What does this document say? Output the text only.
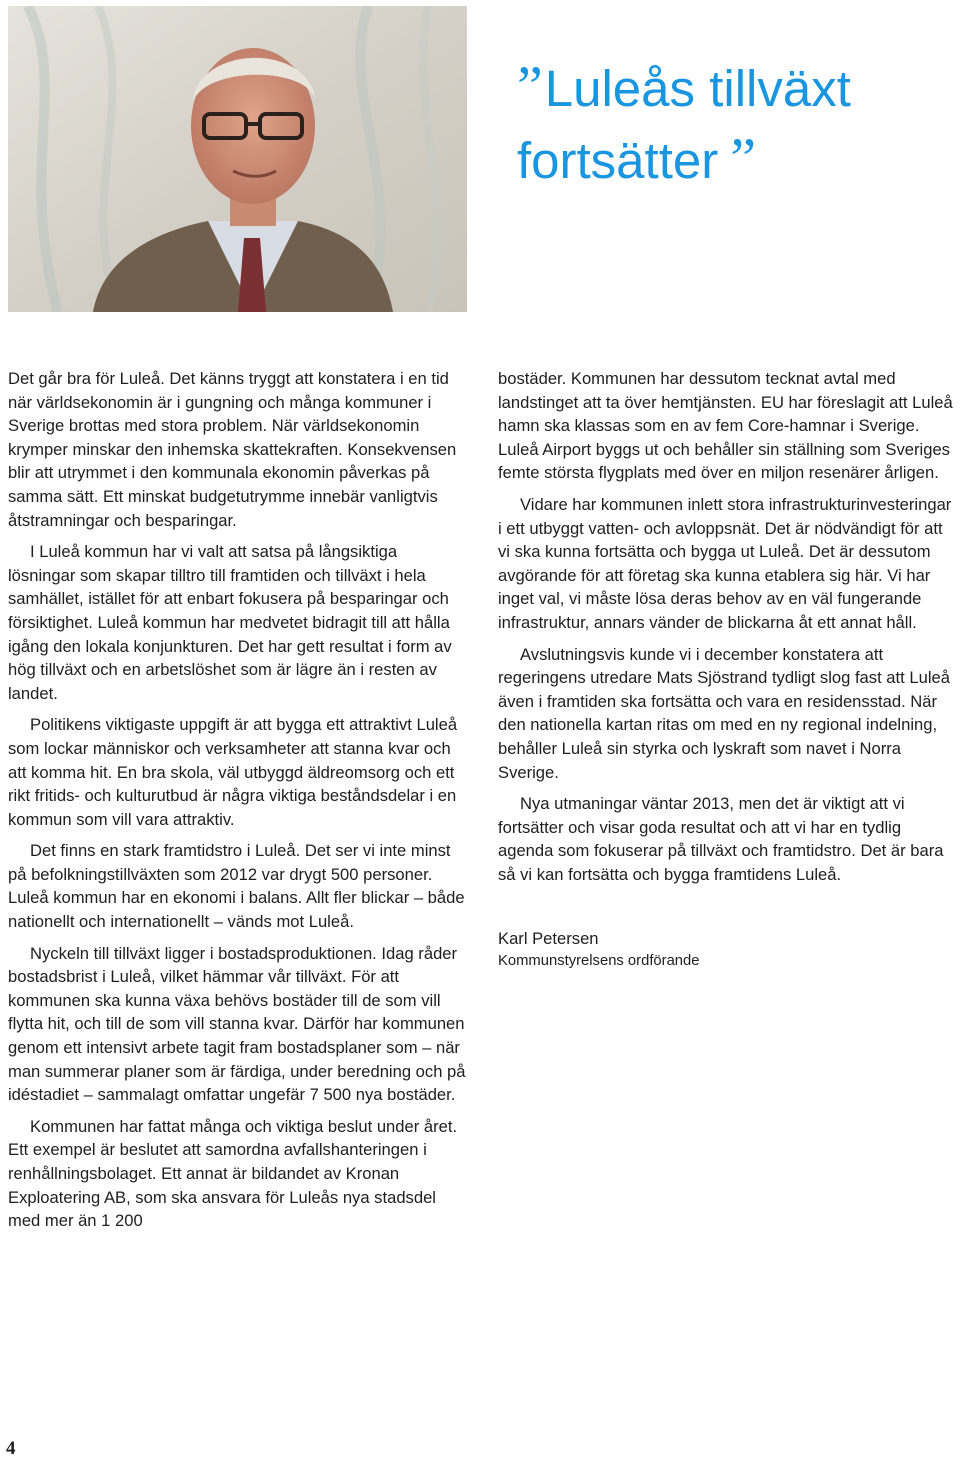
”Luleås tillväxt
fortsätter ”

Det går bra för Luleå. Det känns tryggt att konstatera i en tid när världsekonomin är i gungning och många kommuner i Sverige brottas med stora problem. När världsekonomin krymper minskar den inhemska skattekraften. Konsekvensen blir att utrymmet i den kommunala ekonomin påverkas på samma sätt. Ett minskat budgetutrymme innebär vanligtvis åtstramningar och besparingar.

I Luleå kommun har vi valt att satsa på långsiktiga lösningar som skapar tilltro till framtiden och tillväxt i hela samhället, istället för att enbart fokusera på besparingar och försiktighet. Luleå kommun har medvetet bidragit till att hålla igång den lokala konjunkturen. Det har gett resultat i form av hög tillväxt och en arbetslöshet som är lägre än i resten av landet.

Politikens viktigaste uppgift är att bygga ett attraktivt Luleå som lockar människor och verksamheter att stanna kvar och att komma hit. En bra skola, väl utbyggd äldreomsorg och ett rikt fritids- och kulturutbud är några viktiga beståndsdelar i en kommun som vill vara attraktiv.

Det finns en stark framtidstro i Luleå. Det ser vi inte minst på befolkningstillväxten som 2012 var drygt 500 personer. Luleå kommun har en ekonomi i balans. Allt fler blickar – både nationellt och internationellt – vänds mot Luleå.

Nyckeln till tillväxt ligger i bostadsproduktionen. Idag råder bostadsbrist i Luleå, vilket hämmar vår tillväxt. För att kommunen ska kunna växa behövs bostäder till de som vill flytta hit, och till de som vill stanna kvar. Därför har kommunen genom ett intensivt arbete tagit fram bostadsplaner som – när man summerar planer som är färdiga, under beredning och på idéstadiet – sammalagt omfattar ungefär 7 500 nya bostäder.

Kommunen har fattat många och viktiga beslut under året. Ett exempel är beslutet att samordna avfallshanteringen i renhållningsbolaget. Ett annat är bildandet av Kronan Exploatering AB, som ska ansvara för Luleås nya stadsdel med mer än 1 200

bostäder. Kommunen har dessutom tecknat avtal med landstinget att ta över hemtjänsten. EU har föreslagit att Luleå hamn ska klassas som en av fem Core-hamnar i Sverige. Luleå Airport byggs ut och behåller sin ställning som Sveriges femte största flygplats med över en miljon resenärer årligen.

Vidare har kommunen inlett stora infrastrukturinvesteringar i ett utbyggt vatten- och avloppsnät. Det är nödvändigt för att vi ska kunna fortsätta och bygga ut Luleå. Det är dessutom avgörande för att företag ska kunna etablera sig här. Vi har inget val, vi måste lösa deras behov av en väl fungerande infrastruktur, annars vänder de blickarna åt ett annat håll.

Avslutningsvis kunde vi i december konstatera att regeringens utredare Mats Sjöstrand tydligt slog fast att Luleå även i framtiden ska fortsätta och vara en residensstad. När den nationella kartan ritas om med en ny regional indelning, behåller Luleå sin styrka och lyskraft som navet i Norra Sverige.

Nya utmaningar väntar 2013, men det är viktigt att vi fortsätter och visar goda resultat och att vi har en tydlig agenda som fokuserar på tillväxt och framtidstro. Det är bara så vi kan fortsätta och bygga framtidens Luleå.

Karl Petersen
Kommunstyrelsens ordförande
4
